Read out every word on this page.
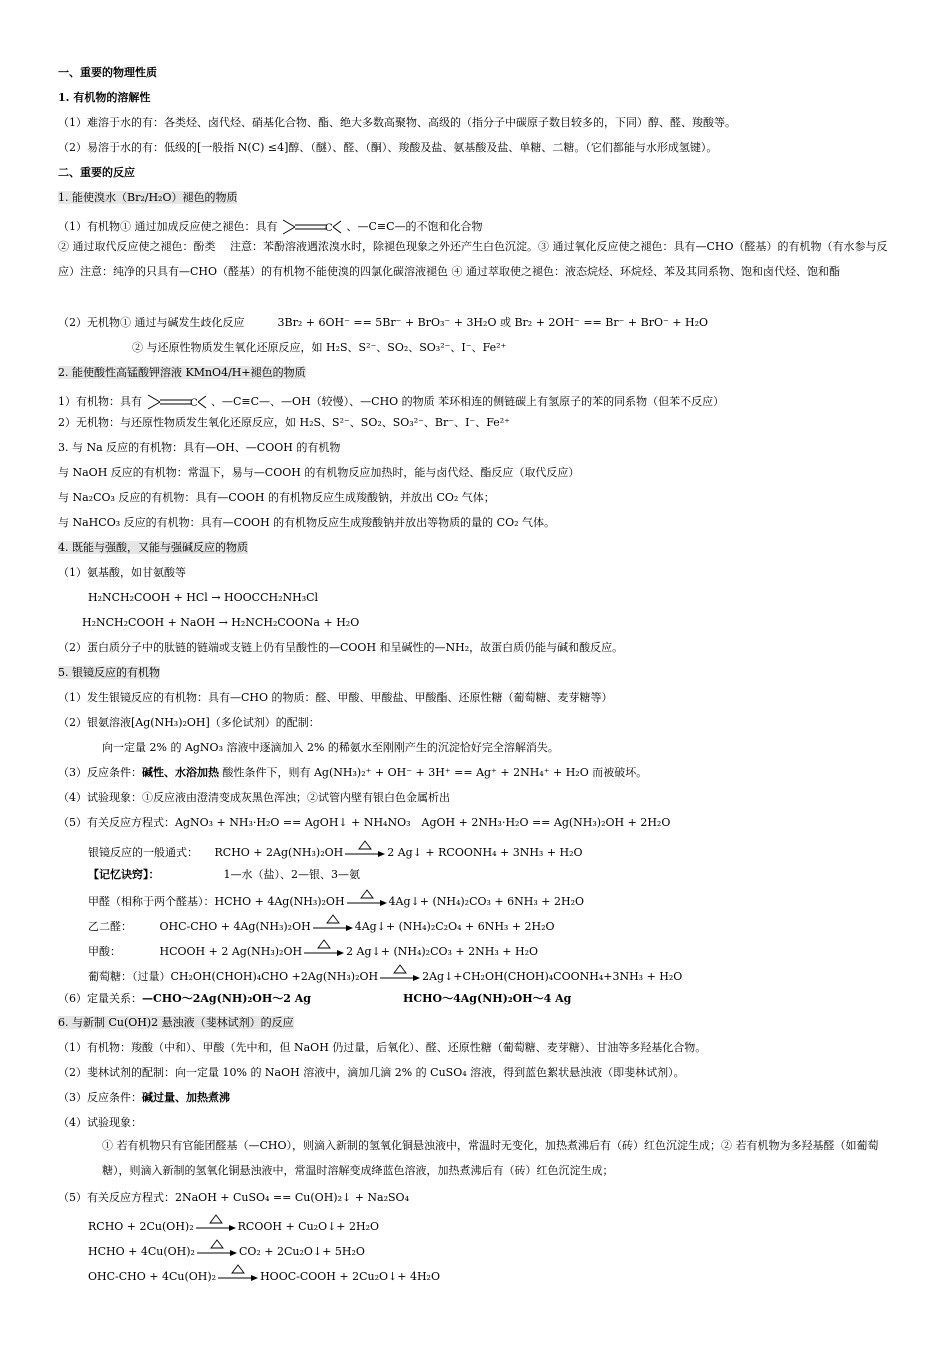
一、重要的物理性质
1. 有机物的溶解性
（1）难溶于水的有：各类烃、卤代烃、硝基化合物、酯、绝大多数高聚物、高级的（指分子中碳原子数目较多的，下同）醇、醛、羧酸等。
（2）易溶于水的有：低级的[一般指 N(C) ≤4]醇、（醚）、醛、（酮）、羧酸及盐、氨基酸及盐、单糖、二糖。（它们都能与水形成氢键）。
二、重要的反应
1. 能使溴水（Br₂/H₂O）褪色的物质
（1）有机物① 通过加成反应使之褪色：具有	C 、—C≡C—的不饱和化合物
② 通过取代反应使之褪色：酚类　 注意：苯酚溶液遇浓溴水时，除褪色现象之外还产生白色沉淀。③ 通过氧化反应使之褪色：具有—CHO（醛基）的有机物（有水参与反应）注意：纯净的只具有—CHO（醛基）的有机物不能使溴的四氯化碳溶液褪色 ④ 通过萃取使之褪色：液态烷烃、环烷烃、苯及其同系物、饱和卤代烃、饱和酯
（2）无机物① 通过与碱发生歧化反应　　　3Br₂ + 6OH⁻ == 5Br⁻ + BrO₃⁻ + 3H₂O 或 Br₂ + 2OH⁻ == Br⁻ + BrO⁻ + H₂O
② 与还原性物质发生氧化还原反应，如 H₂S、S²⁻、SO₂、SO₃²⁻、I⁻、Fe²⁺
2. 能使酸性高锰酸钾溶液 KMnO4/H+褪色的物质
1）有机物：具有	C 、—C≡C—、—OH（较慢）、—CHO 的物质 苯环相连的侧链碳上有氢原子的苯的同系物（但苯不反应）
2）无机物：与还原性物质发生氧化还原反应，如 H₂S、S²⁻、SO₂、SO₃²⁻、Br⁻、I⁻、Fe²⁺
3. 与 Na 反应的有机物：具有—OH、—COOH 的有机物
与 NaOH 反应的有机物：常温下，易与—COOH 的有机物反应加热时，能与卤代烃、酯反应（取代反应）
与 Na₂CO₃ 反应的有机物：具有—COOH 的有机物反应生成羧酸钠，并放出 CO₂ 气体；
与 NaHCO₃ 反应的有机物：具有—COOH 的有机物反应生成羧酸钠并放出等物质的量的 CO₂ 气体。
4. 既能与强酸，又能与强碱反应的物质
（1）氨基酸，如甘氨酸等
H₂NCH₂COOH + HCl → HOOCCH₂NH₃Cl
H₂NCH₂COOH + NaOH → H₂NCH₂COONa + H₂O
（2）蛋白质分子中的肽链的链端或支链上仍有呈酸性的—COOH 和呈碱性的—NH₂，故蛋白质仍能与碱和酸反应。
5. 银镜反应的有机物
（1）发生银镜反应的有机物：具有—CHO 的物质：醛、甲酸、甲酸盐、甲酸酯、还原性糖（葡萄糖、麦芽糖等）
（2）银氨溶液[Ag(NH₃)₂OH]（多伦试剂）的配制：
向一定量 2% 的 AgNO₃ 溶液中逐滴加入 2% 的稀氨水至刚刚产生的沉淀恰好完全溶解消失。
（3）反应条件：碱性、水浴加热 酸性条件下，则有 Ag(NH₃)₂⁺ + OH⁻ + 3H⁺ == Ag⁺ + 2NH₄⁺ + H₂O 而被破坏。
（4）试验现象：①反应液由澄清变成灰黑色浑浊；②试管内壁有银白色金属析出
（5）有关反应方程式：AgNO₃ + NH₃·H₂O == AgOH↓ + NH₄NO₃　AgOH + 2NH₃·H₂O == Ag(NH₃)₂OH + 2H₂O
银镜反应的一般通式：　　RCHO + 2Ag(NH₃)₂OH	2 Ag↓ + RCOONH₄ + 3NH₃ + H₂O
【记忆诀窍】：	1—水（盐）、2—银、3—氨
甲醛（相称于两个醛基）：HCHO + 4Ag(NH₃)₂OH	4Ag↓+ (NH₄)₂CO₃ + 6NH₃ + 2H₂O
乙二醛：　　　OHC-CHO + 4Ag(NH₃)₂OH	4Ag↓+ (NH₄)₂C₂O₄ + 6NH₃ + 2H₂O
甲酸：　　　　HCOOH + 2 Ag(NH₃)₂OH	2 Ag↓+ (NH₄)₂CO₃ + 2NH₃ + H₂O
葡萄糖：（过量）CH₂OH(CHOH)₄CHO +2Ag(NH₃)₂OH	2Ag↓+CH₂OH(CHOH)₄COONH₄+3NH₃ + H₂O
（6）定量关系：—CHO～2Ag(NH)₂OH～2 Ag	HCHO～4Ag(NH)₂OH～4 Ag
6. 与新制 Cu(OH)2 悬浊液（斐林试剂）的反应
（1）有机物：羧酸（中和）、甲酸（先中和，但 NaOH 仍过量，后氧化）、醛、还原性糖（葡萄糖、麦芽糖）、甘油等多羟基化合物。
（2）斐林试剂的配制：向一定量 10% 的 NaOH 溶液中，滴加几滴 2% 的 CuSO₄ 溶液，得到蓝色絮状悬浊液（即斐林试剂）。
（3）反应条件：碱过量、加热煮沸
（4）试验现象：
① 若有机物只有官能团醛基（—CHO），则滴入新制的氢氧化铜悬浊液中，常温时无变化，加热煮沸后有（砖）红色沉淀生成；② 若有机物为多羟基醛（如葡萄糖），则滴入新制的氢氧化铜悬浊液中，常温时溶解变成绛蓝色溶液，加热煮沸后有（砖）红色沉淀生成；
（5）有关反应方程式：2NaOH + CuSO₄ == Cu(OH)₂↓ + Na₂SO₄
RCHO + 2Cu(OH)₂	RCOOH + Cu₂O↓+ 2H₂O
HCHO + 4Cu(OH)₂	CO₂ + 2Cu₂O↓+ 5H₂O
OHC-CHO + 4Cu(OH)₂	HOOC-COOH + 2Cu₂O↓+ 4H₂O
